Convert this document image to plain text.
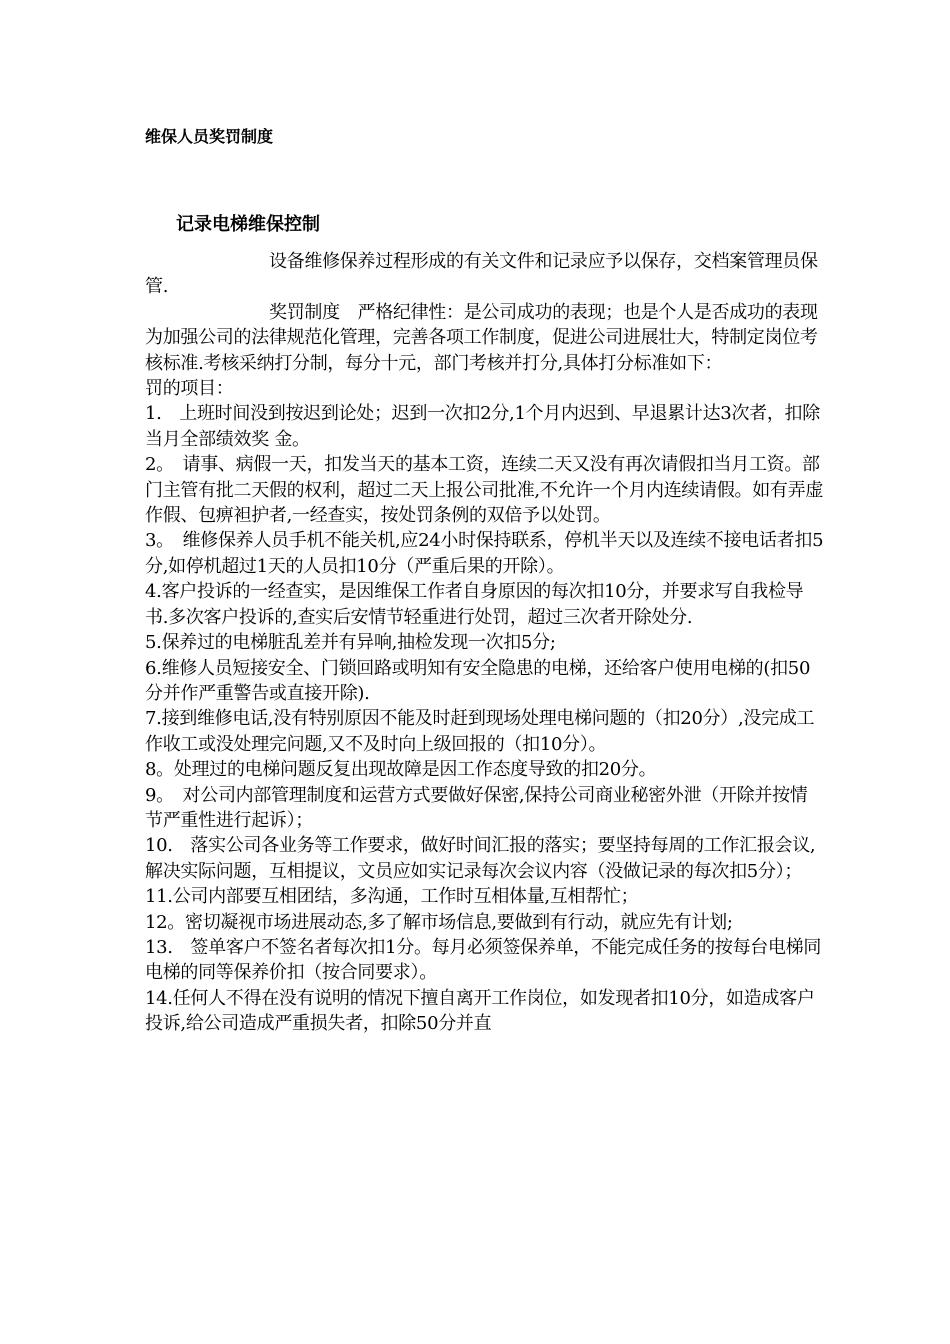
维保人员奖罚制度
记录电梯维保控制

设备维修保养过程形成的有关文件和记录应予以保存，交档案管理员保管.

奖罚制度　严格纪律性：是公司成功的表现；也是个人是否成功的表现

为加强公司的法律规范化管理，完善各项工作制度，促进公司进展壮大，特制定岗位考核标准.考核采纳打分制，每分十元，部门考核并打分,具体打分标准如下：

罚的项目：

1.　上班时间没到按迟到论处；迟到一次扣2分,1个月内迟到、早退累计达3次者，扣除当月全部绩效奖 金。

2。　请事、病假一天，扣发当天的基本工资，连续二天又没有再次请假扣当月工资。部门主管有批二天假的权利，超过二天上报公司批准,不允许一个月内连续请假。如有弄虚作假、包痹袒护者,一经查实，按处罚条例的双倍予以处罚。

3。　维修保养人员手机不能关机,应24小时保持联系，停机半天以及连续不接电话者扣5分,如停机超过1天的人员扣10分（严重后果的开除）。

4.客户投诉的一经查实，是因维保工作者自身原因的每次扣10分，并要求写自我检导书.多次客户投诉的,查实后安情节轻重进行处罚，超过三次者开除处分.

5.保养过的电梯脏乱差并有异响,抽检发现一次扣5分;

6.维修人员短接安全、门锁回路或明知有安全隐患的电梯，还给客户使用电梯的(扣50分并作严重警告或直接开除).

7.接到维修电话,没有特别原因不能及时赶到现场处理电梯问题的（扣20分）,没完成工作收工或没处理完问题,又不及时向上级回报的（扣10分）。

8。处理过的电梯问题反复出现故障是因工作态度导致的扣20分。

9。　对公司内部管理制度和运营方式要做好保密,保持公司商业秘密外泄（开除并按情节严重性进行起诉）；

10.　落实公司各业务等工作要求，做好时间汇报的落实；要坚持每周的工作汇报会议,解决实际问题，互相提议，文员应如实记录每次会议内容（没做记录的每次扣5分）；

11.公司内部要互相团结，多沟通，工作时互相体量,互相帮忙；

12。密切凝视市场进展动态,多了解市场信息,要做到有行动，就应先有计划;

13.　签单客户不签名者每次扣1分。每月必须签保养单，不能完成任务的按每台电梯同电梯的同等保养价扣（按合同要求）。

14.任何人不得在没有说明的情况下擅自离开工作岗位，如发现者扣10分，如造成客户投诉,给公司造成严重损失者，扣除50分并直
